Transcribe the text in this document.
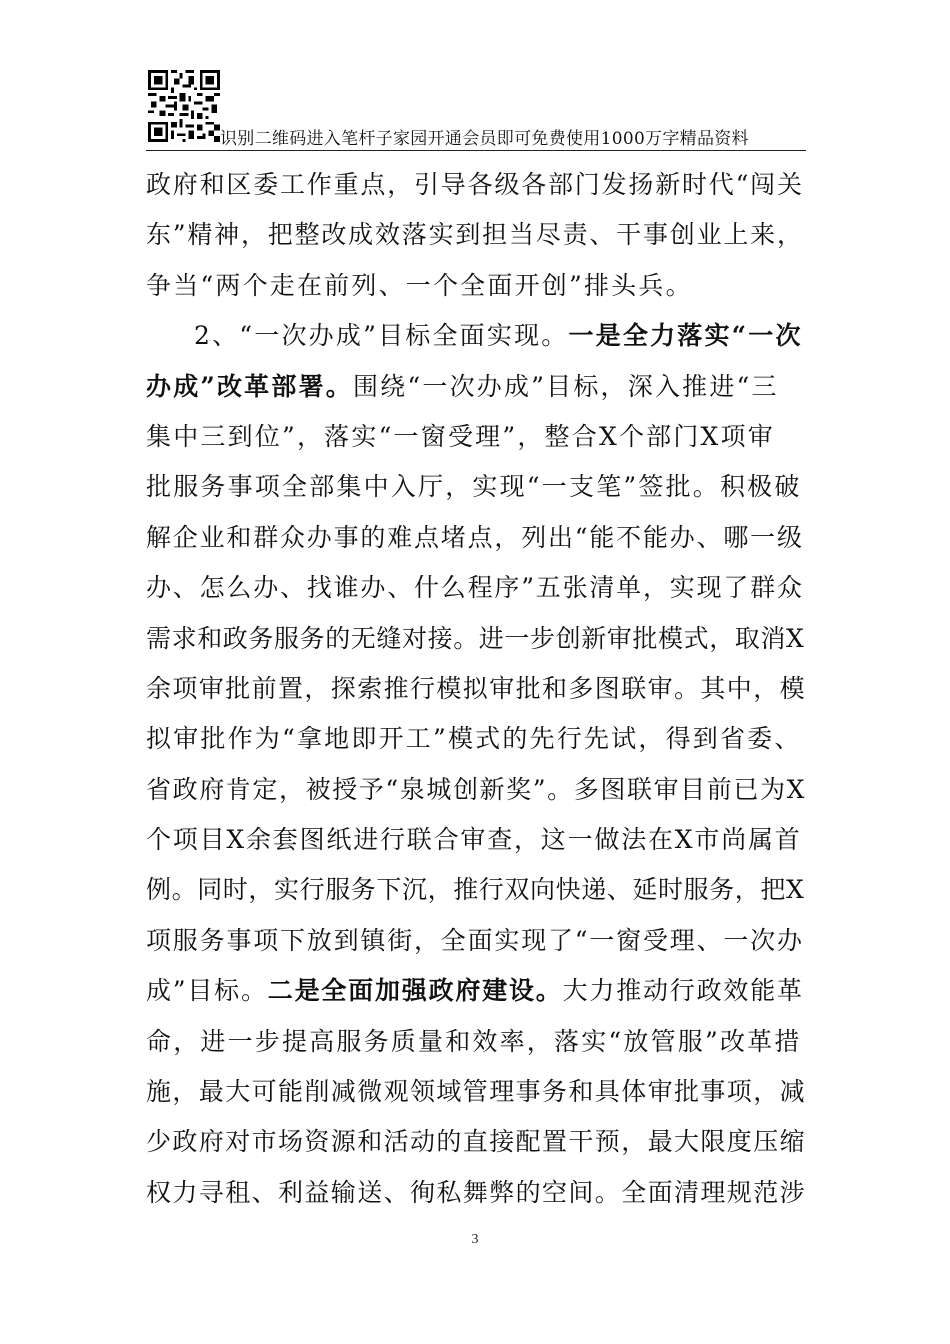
识别二维码进入笔杆子家园开通会员即可免费使用1000万字精品资料
政府和区委工作重点，引导各级各部门发扬新时代“闯关
东”精神，把整改成效落实到担当尽责、干事创业上来，
争当“两个走在前列、一个全面开创”排头兵。
2、“一次办成”目标全面实现。一是全力落实“一次
办成”改革部署。围绕“一次办成”目标，深入推进“三
集中三到位”，落实“一窗受理”，整合X个部门X项审
批服务事项全部集中入厅，实现“一支笔”签批。积极破
解企业和群众办事的难点堵点，列出“能不能办、哪一级
办、怎么办、找谁办、什么程序”五张清单，实现了群众
需求和政务服务的无缝对接。进一步创新审批模式，取消X
余项审批前置，探索推行模拟审批和多图联审。其中，模
拟审批作为“拿地即开工”模式的先行先试，得到省委、
省政府肯定，被授予“泉城创新奖”。多图联审目前已为X
个项目X余套图纸进行联合审查，这一做法在X市尚属首
例。同时，实行服务下沉，推行双向快递、延时服务，把X
项服务事项下放到镇街，全面实现了“一窗受理、一次办
成”目标。二是全面加强政府建设。大力推动行政效能革
命，进一步提高服务质量和效率，落实“放管服”改革措
施，最大可能削减微观领域管理事务和具体审批事项，减
少政府对市场资源和活动的直接配置干预，最大限度压缩
权力寻租、利益输送、徇私舞弊的空间。全面清理规范涉
3
